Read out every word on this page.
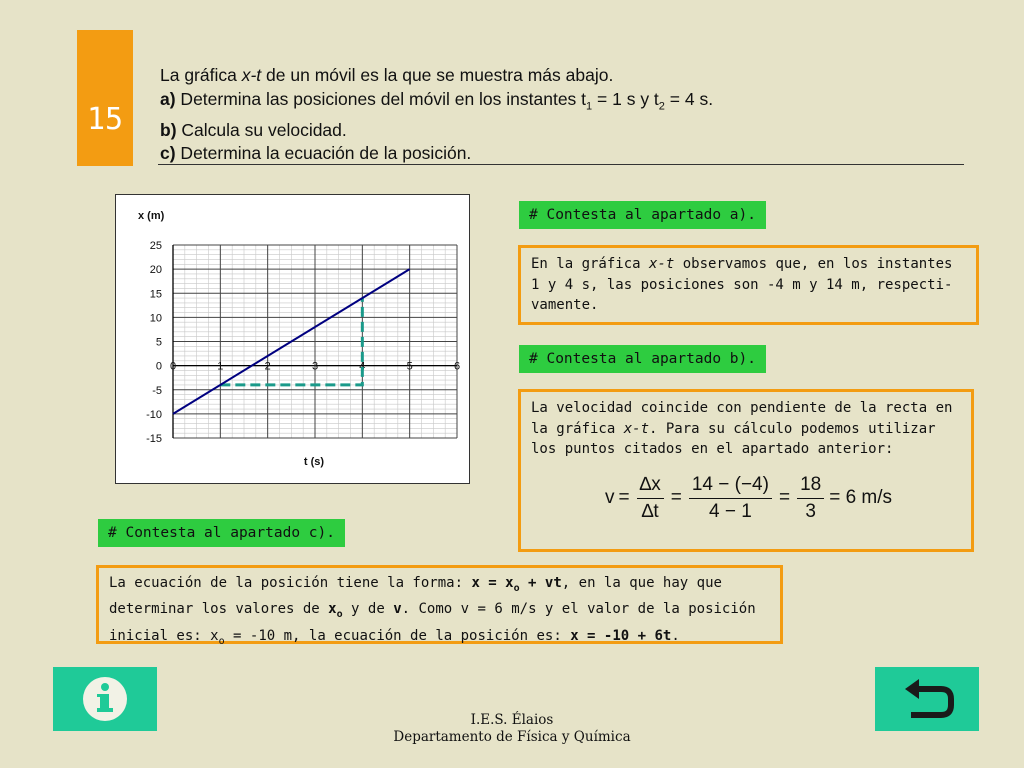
15
La gráfica x-t de un móvil es la que se muestra más abajo.
a) Determina las posiciones del móvil en los instantes $t_1 = 1$ s y $t_2 = 4$ s.
b) Calcula su velocidad.
c) Determina la ecuación de la posición.
25
20
15
10
5
0
-5
-10
-15
0	1	2	3	4	5	6
x (m)
t (s)
# Contesta al apartado a).
En la gráfica x-t observamos que, en los instantes 1 y 4 s, las posiciones son -4 m y 14 m, respecti-vamente.
# Contesta al apartado b).
La velocidad coincide con pendiente de la recta en la gráfica x-t. Para su cálculo podemos utilizar los puntos citados en el apartado anterior:
$v = \frac{\Delta x}{\Delta t} = \frac{14 - (-4)}{4 - 1} = \frac{18}{3} = 6$ m/s
# Contesta al apartado c).
La ecuación de la posición tiene la forma: $x = x_o$ + vt, en la que hay que determinar los valores de $x_o$ y de v. Como v = 6 m/s y el valor de la posición inicial es: $x_o = -10$ m, la ecuación de la posición es: x = -10 + 6t.
I.E.S. Élaios
Departamento de Física y Química
